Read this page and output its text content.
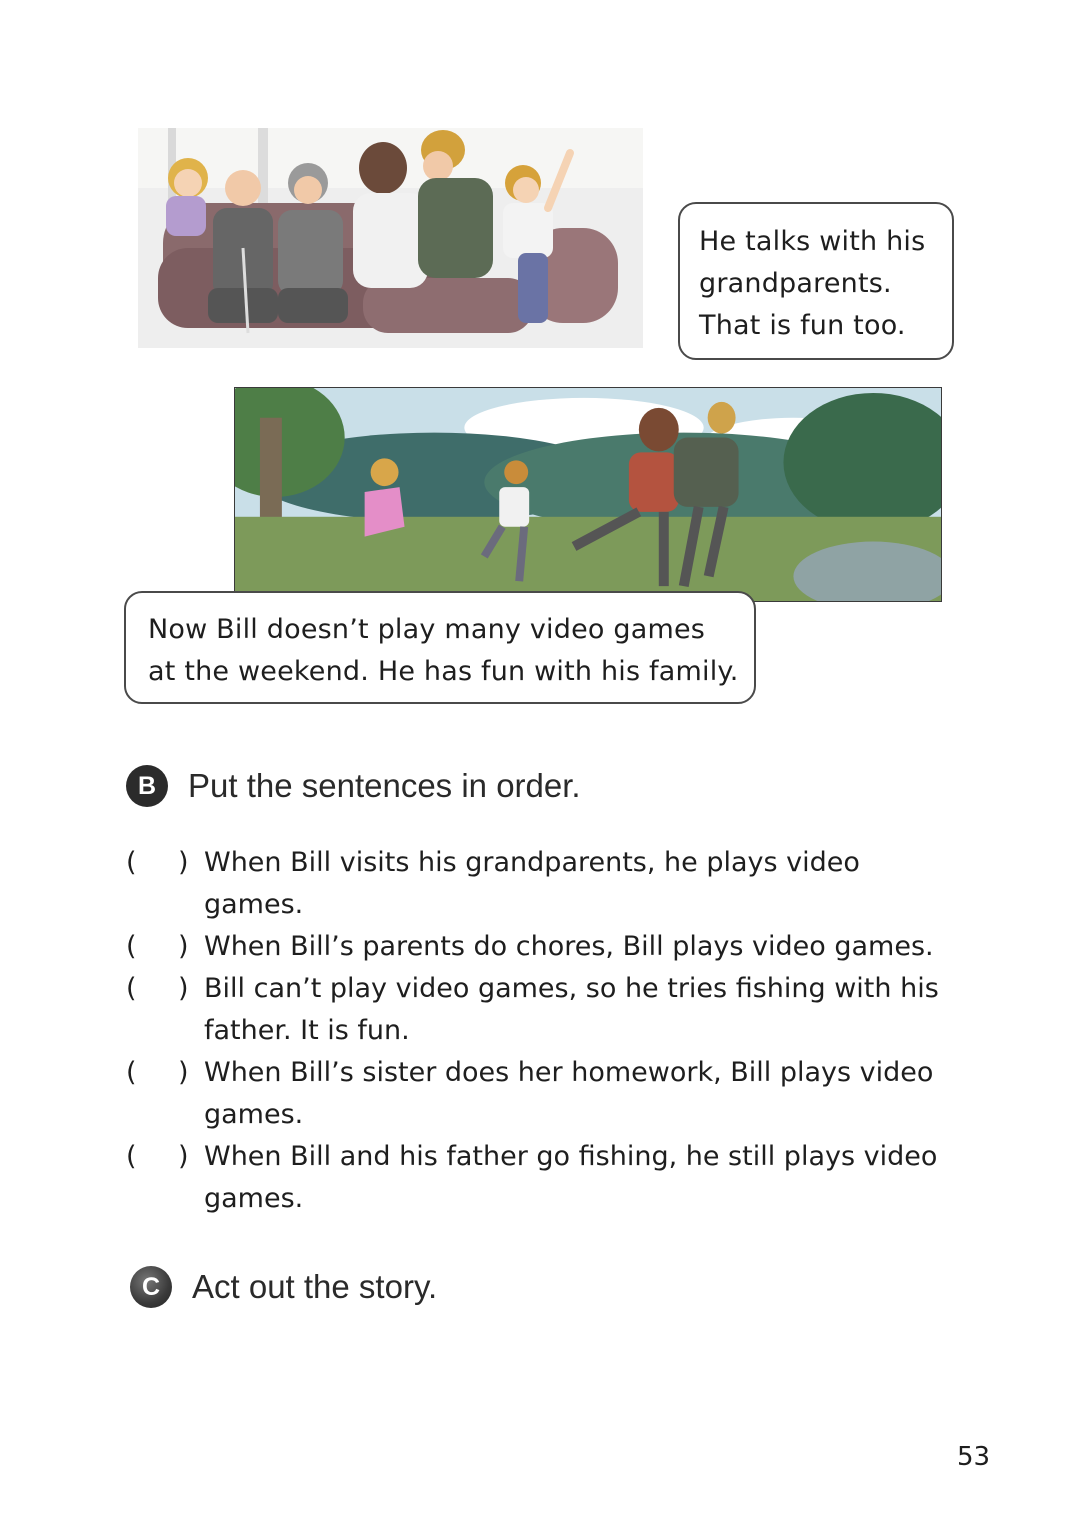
He talks with his
grandparents.
That is fun too.
Now Bill doesn’t play many video games
at the weekend. He has fun with his family.
B Put the sentences in order.
( ) When Bill visits his grandparents, he plays video games.
( ) When Bill’s parents do chores, Bill plays video games.
( ) Bill can’t play video games, so he tries fishing with his father. It is fun.
( ) When Bill’s sister does her homework, Bill plays video games.
( ) When Bill and his father go fishing, he still plays video games.
C Act out the story.
53
